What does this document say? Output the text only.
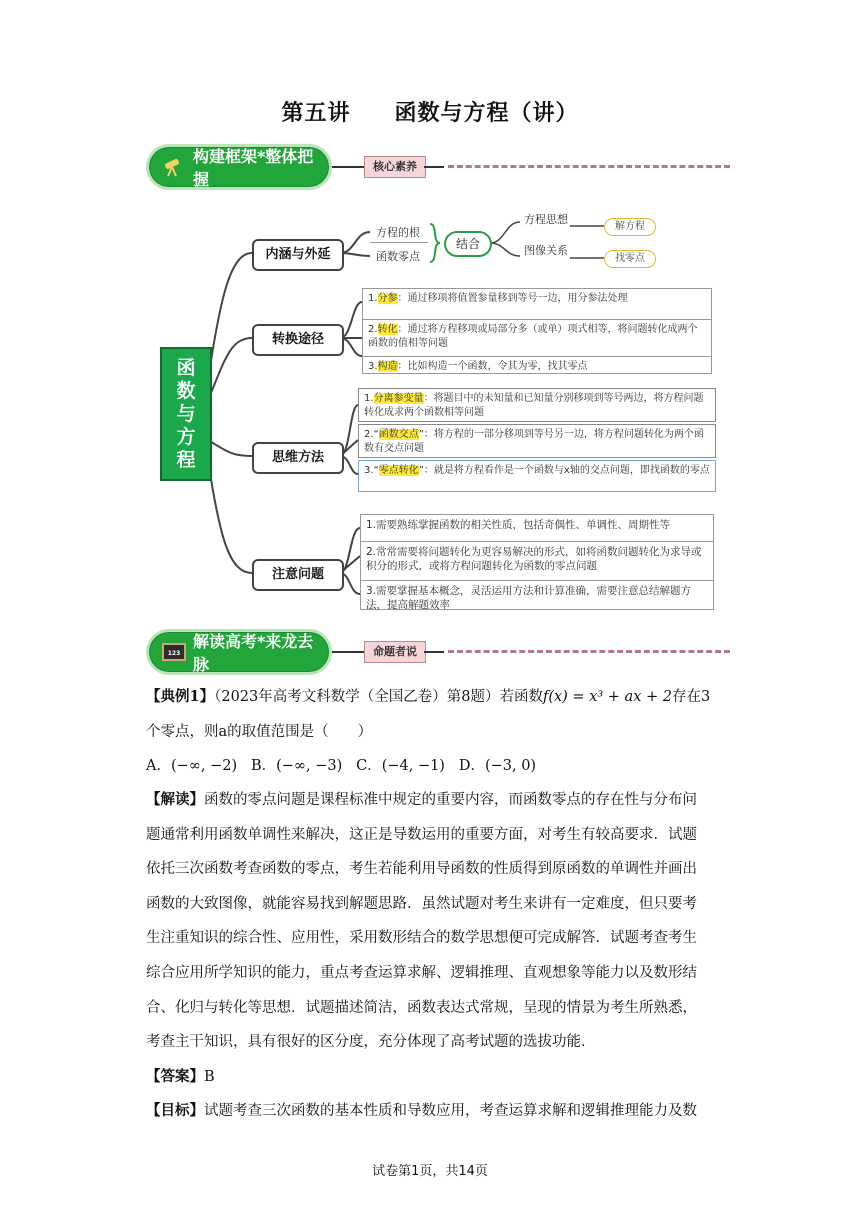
第五讲 函数与方程（讲）
构建框架*整体把握
核心素养
函
数
与
方
程
内涵与外延
方程的根
函数零点
结合
方程思想
图像关系
解方程
找零点
转换途径
1.分参：通过移项将值置参量移到等号一边，用分参法处理
2.转化：通过将方程移项或局部分多（或单）项式相等，将问题转化成两个函数的值相等问题
3.构造：比如构造一个函数，令其为零，找其零点
思维方法
1.分离参变量：将题目中的未知量和已知量分别移项到等号两边，将方程问题转化成求两个函数相等问题
2.“函数交点”：将方程的一部分移项到等号另一边，将方程问题转化为两个函数有交点问题
3.“零点转化”：就是将方程看作是一个函数与x轴的交点问题，即找函数的零点
注意问题
1.需要熟练掌握函数的相关性质，包括奇偶性、单调性、周期性等
2.常常需要将问题转化为更容易解决的形式，如将函数问题转化为求导或积分的形式，或将方程问题转化为函数的零点问题
3.需要掌握基本概念，灵活运用方法和计算准确，需要注意总结解题方法，提高解题效率
123
解读高考*来龙去脉
命题者说
【典例1】（2023年高考文科数学（全国乙卷）第8题）若函数f(x) = x³ + ax + 2存在3
个零点，则a的取值范围是（　　）
A．(−∞, −2) B．(−∞, −3) C．(−4, −1) D．(−3, 0)
【解读】函数的零点问题是课程标准中规定的重要内容，而函数零点的存在性与分布问
题通常利用函数单调性来解决，这正是导数运用的重要方面，对考生有较高要求．试题
依托三次函数考查函数的零点，考生若能利用导函数的性质得到原函数的单调性并画出
函数的大致图像，就能容易找到解题思路．虽然试题对考生来讲有一定难度，但只要考
生注重知识的综合性、应用性，采用数形结合的数学思想便可完成解答．试题考查考生
综合应用所学知识的能力，重点考查运算求解、逻辑推理、直观想象等能力以及数形结
合、化归与转化等思想．试题描述简洁，函数表达式常规，呈现的情景为考生所熟悉，
考查主干知识，具有很好的区分度，充分体现了高考试题的选拔功能．
【答案】B
【目标】试题考查三次函数的基本性质和导数应用，考查运算求解和逻辑推理能力及数
试卷第1页，共14页
